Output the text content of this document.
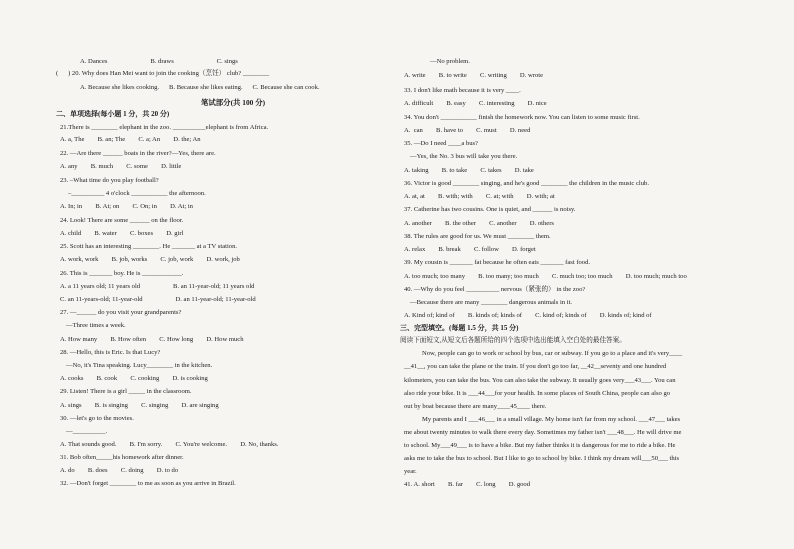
A. Dances                          B. draws                          C. sings
(      ) 20. Why does Han Mei want to join the cooking（烹饪） club? ________
A. Because she likes cooking.      B. Because she likes eating.      C. Because she can cook.
笔试部分(共 100 分)
二、单项选择(每小题 1 分，共 20 分)
21.There is ________ elephant in the zoo. __________elephant is from Africa.
A. a, The        B. an; The        C. a; An        D. the; An
22. —Are there ______ boats in the river?—Yes, there are.
A. any        B. much        C. some        D. little
23. –What time do you play football?
–__________ 4 o'clock ___________ the afternoon.
A. In; in        B. At; on        C. On; in        D. At; in
24. Look! There are some ______ on the floor.
A. child        B. water        C. boxes        D. girl
25. Scott has an interesting ________. He _______ at a TV station.
A. work, work        B. job, works        C. job, work        D. work, job
26. This is _______ boy. He is ____________.
A. a 11 years old; 11 years old                    B. an 11-year-old; 11 years old
C. an 11-years-old; 11-year-old                    D. an 11-year-old; 11-year-old
27. —______ do you visit your grandparents?
—Three times a week.
A. How many        B. How often        C. How long        D. How much
28. —Hello, this is Eric. Is that Lucy?
—No, it's Tina speaking. Lucy________ in the kitchen.
A. cooks        B. cook        C. cooking        D. is cooking
29. Listen! There is a girl _____ in the classroom.
A. sings        B. is singing        C. singing        D. are singing
30. —let's go to the movies.
—__________.
A. That sounds good.        B. I'm sorry.        C. You're welcome.        D. No, thanks.
31. Bob often_____his homework after dinner.
A. do        B. does        C. doing        D. to do
32. —Don't forget ________ to me as soon as you arrive in Brazil.
—No problem.
A. write        B. to write        C. writing        D. wrote
33. I don't like math because it is very ____.
A. difficult        B. easy        C. interesting        D. nice
34. You don't ___________ finish the homework now. You can listen to some music first.
A.  can        B. have to        C. must        D. need
35. —Do I need ____a bus?
—Yes, the No. 3 bus will take you there.
A. taking        B. to take        C. takes        D. take
36. Victor is good ________ singing, and he's good ________ the children in the music club.
A. at, at        B. with; with        C. at; with        D. with; at
37. Catherine has two cousins. One is quiet, and ______ is noisy.
A. another        B. the other        C. another        D. others
38. The rules are good for us. We must ________ them.
A. relax        B. break        C. follow        D. forget
39. My cousin is _______ fat because he often eats _______ fast food.
A. too much; too many        B. too many; too much        C. much too; too much        D. too much; much too
40. —Why do you feel __________ nervous（紧张的） in the zoo?
—Because there are many ________ dangerous animals in it.
A. Kind of; kind of        B. kinds of; kinds of        C. kind of; kinds of        D. kinds of; kind of
三、完型填空。(每题 1.5 分，共 15 分)
阅读下面短文,从短文后各题所给的四个选项中选出能填入空白处的最佳答案。
Now, people can go to work or school by bus, car or subway. If you go to a place and it's very____
__41__, you can take the plane or the train. If you don't go too far, __42__seventy and one hundred
kilometers, you can take the bus. You can also take the subway. It usually goes very___43___. You can
also ride your bike. It is ___44___for your health. In some places of South China, people can also go
out by boat because there are many____45____ there.
My parents and I ___46___ in a small village. My home isn't far from my school. ___47___ takes
me about twenty minutes to walk there every day. Sometimes my father isn't ___48___. He will drive me
to school. My___49___ is to have a bike. But my father thinks it is dangerous for me to ride a bike. He
asks me to take the bus to school. But I like to go to school by bike. I think my dream will___50___ this
year.
41. A. short        B. far        C. long        D. good
